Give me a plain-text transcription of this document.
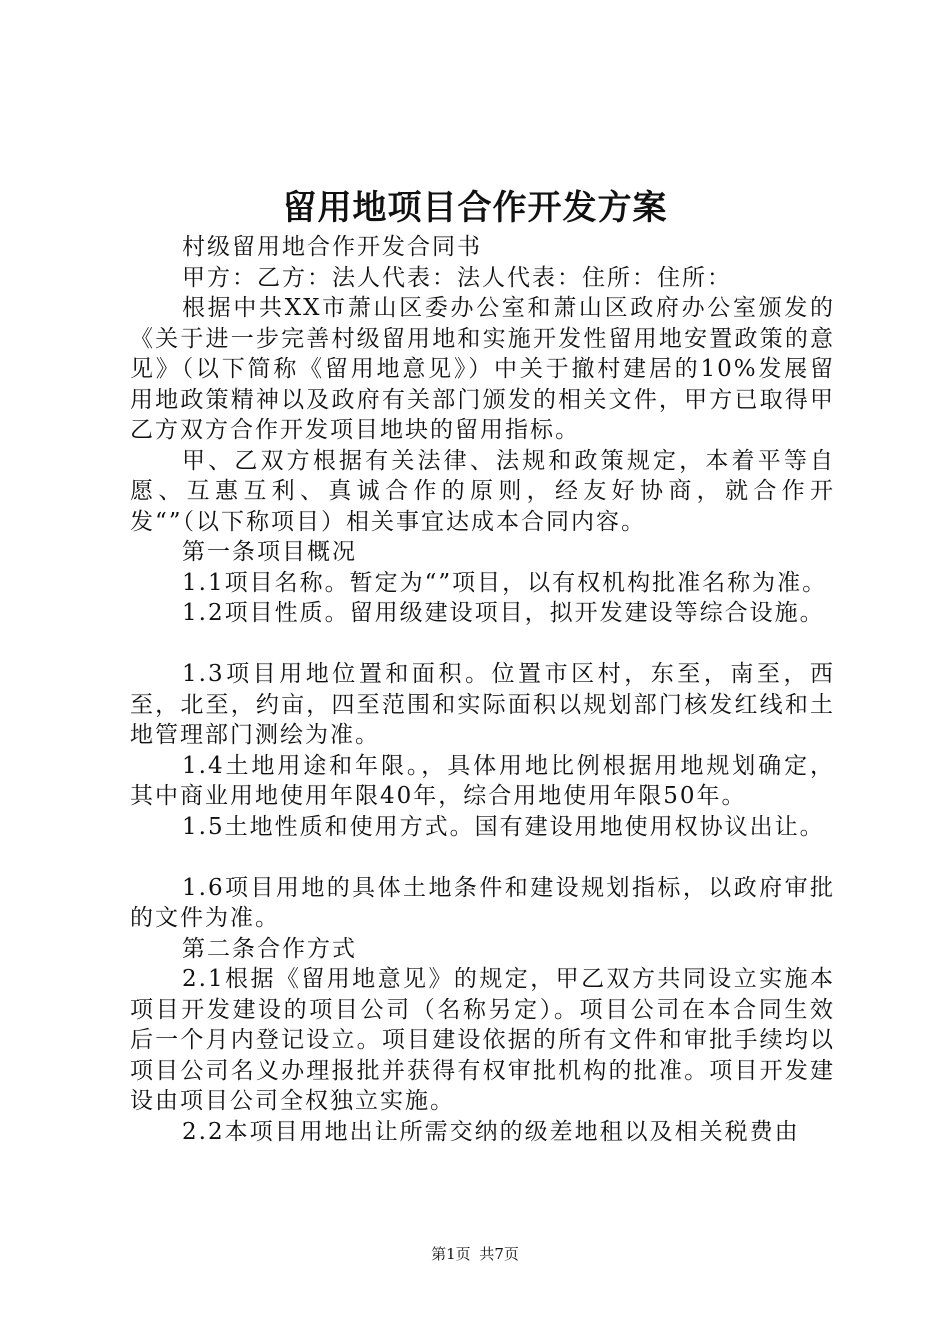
留用地项目合作开发方案

村级留用地合作开发合同书

甲方：乙方：法人代表：法人代表：住所：住所：

根据中共XX市萧山区委办公室和萧山区政府办公室颁发的《关于进一步完善村级留用地和实施开发性留用地安置政策的意见》（以下简称《留用地意见》）中关于撤村建居的10%发展留用地政策精神以及政府有关部门颁发的相关文件，甲方已取得甲乙方双方合作开发项目地块的留用指标。

甲、乙双方根据有关法律、法规和政策规定，本着平等自愿、互惠互利、真诚合作的原则，经友好协商，就合作开发“”（以下称项目）相关事宜达成本合同内容。

第一条项目概况

1.1项目名称。暂定为“”项目，以有权机构批准名称为准。

1.2项目性质。留用级建设项目，拟开发建设等综合设施。

1.3项目用地位置和面积。位置市区村，东至，南至，西至，北至，约亩，四至范围和实际面积以规划部门核发红线和土地管理部门测绘为准。

1.4土地用途和年限。，具体用地比例根据用地规划确定，其中商业用地使用年限40年，综合用地使用年限50年。

1.5土地性质和使用方式。国有建设用地使用权协议出让。

1.6项目用地的具体土地条件和建设规划指标，以政府审批的文件为准。

第二条合作方式

2.1根据《留用地意见》的规定，甲乙双方共同设立实施本项目开发建设的项目公司（名称另定）。项目公司在本合同生效后一个月内登记设立。项目建设依据的所有文件和审批手续均以项目公司名义办理报批并获得有权审批机构的批准。项目开发建设由项目公司全权独立实施。

2.2本项目用地出让所需交纳的级差地租以及相关税费由

第1页 共7页
